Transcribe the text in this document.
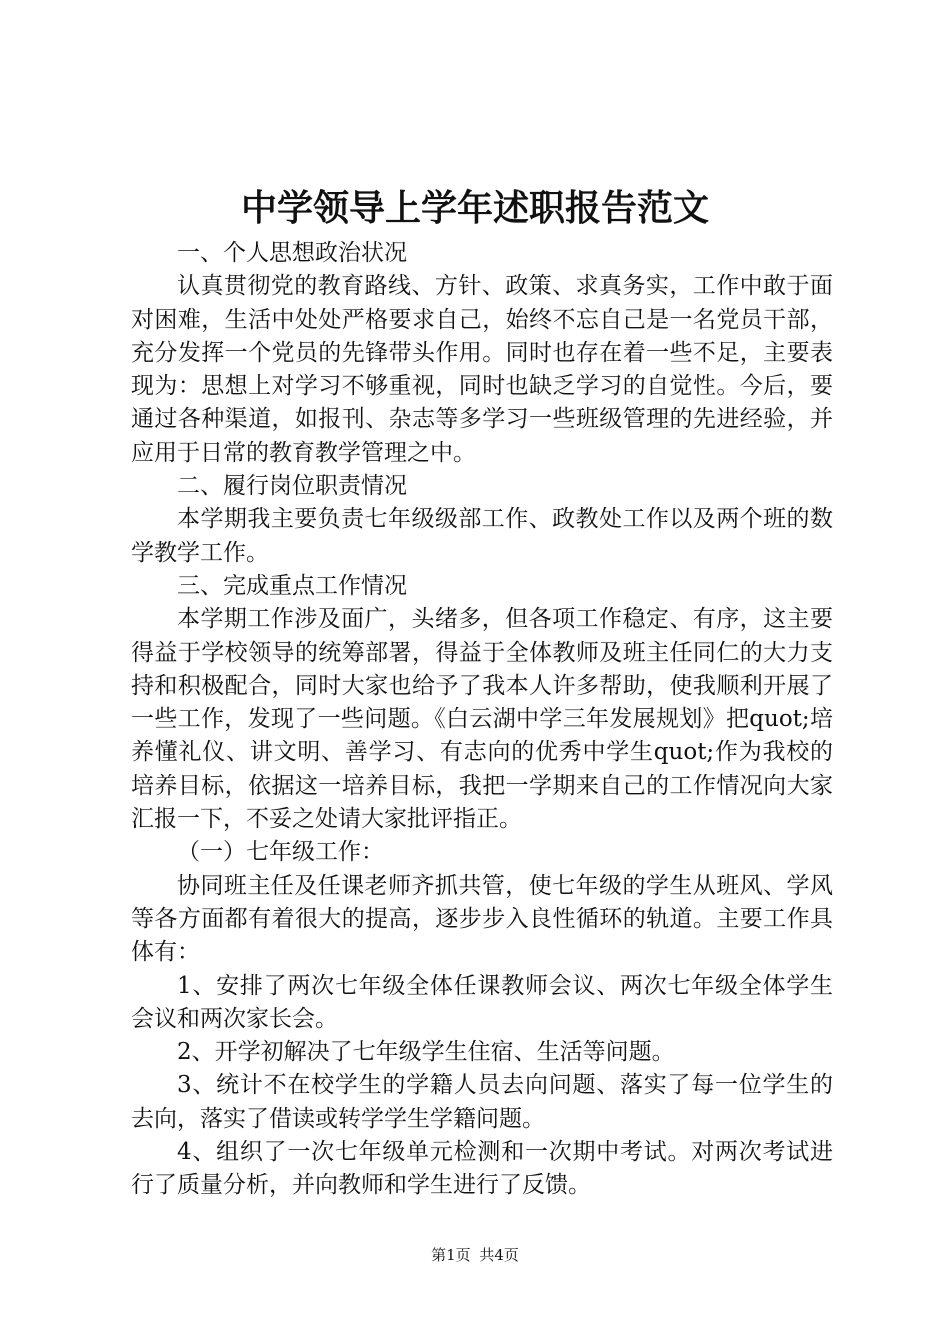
中学领导上学年述职报告范文

一、个人思想政治状况

认真贯彻党的教育路线、方针、政策、求真务实，工作中敢于面对困难，生活中处处严格要求自己，始终不忘自己是一名党员干部，充分发挥一个党员的先锋带头作用。同时也存在着一些不足，主要表现为：思想上对学习不够重视，同时也缺乏学习的自觉性。今后，要通过各种渠道，如报刊、杂志等多学习一些班级管理的先进经验，并应用于日常的教育教学管理之中。

二、履行岗位职责情况

本学期我主要负责七年级级部工作、政教处工作以及两个班的数学教学工作。

三、完成重点工作情况

本学期工作涉及面广，头绪多，但各项工作稳定、有序，这主要得益于学校领导的统筹部署，得益于全体教师及班主任同仁的大力支持和积极配合，同时大家也给予了我本人许多帮助，使我顺利开展了一些工作，发现了一些问题。《白云湖中学三年发展规划》把quot;培养懂礼仪、讲文明、善学习、有志向的优秀中学生quot;作为我校的培养目标，依据这一培养目标，我把一学期来自己的工作情况向大家汇报一下，不妥之处请大家批评指正。

（一）七年级工作：

协同班主任及任课老师齐抓共管，使七年级的学生从班风、学风等各方面都有着很大的提高，逐步步入良性循环的轨道。主要工作具体有：

1、安排了两次七年级全体任课教师会议、两次七年级全体学生会议和两次家长会。

2、开学初解决了七年级学生住宿、生活等问题。

3、统计不在校学生的学籍人员去向问题、落实了每一位学生的去向，落实了借读或转学学生学籍问题。

4、组织了一次七年级单元检测和一次期中考试。对两次考试进行了质量分析，并向教师和学生进行了反馈。

第1页 共4页
